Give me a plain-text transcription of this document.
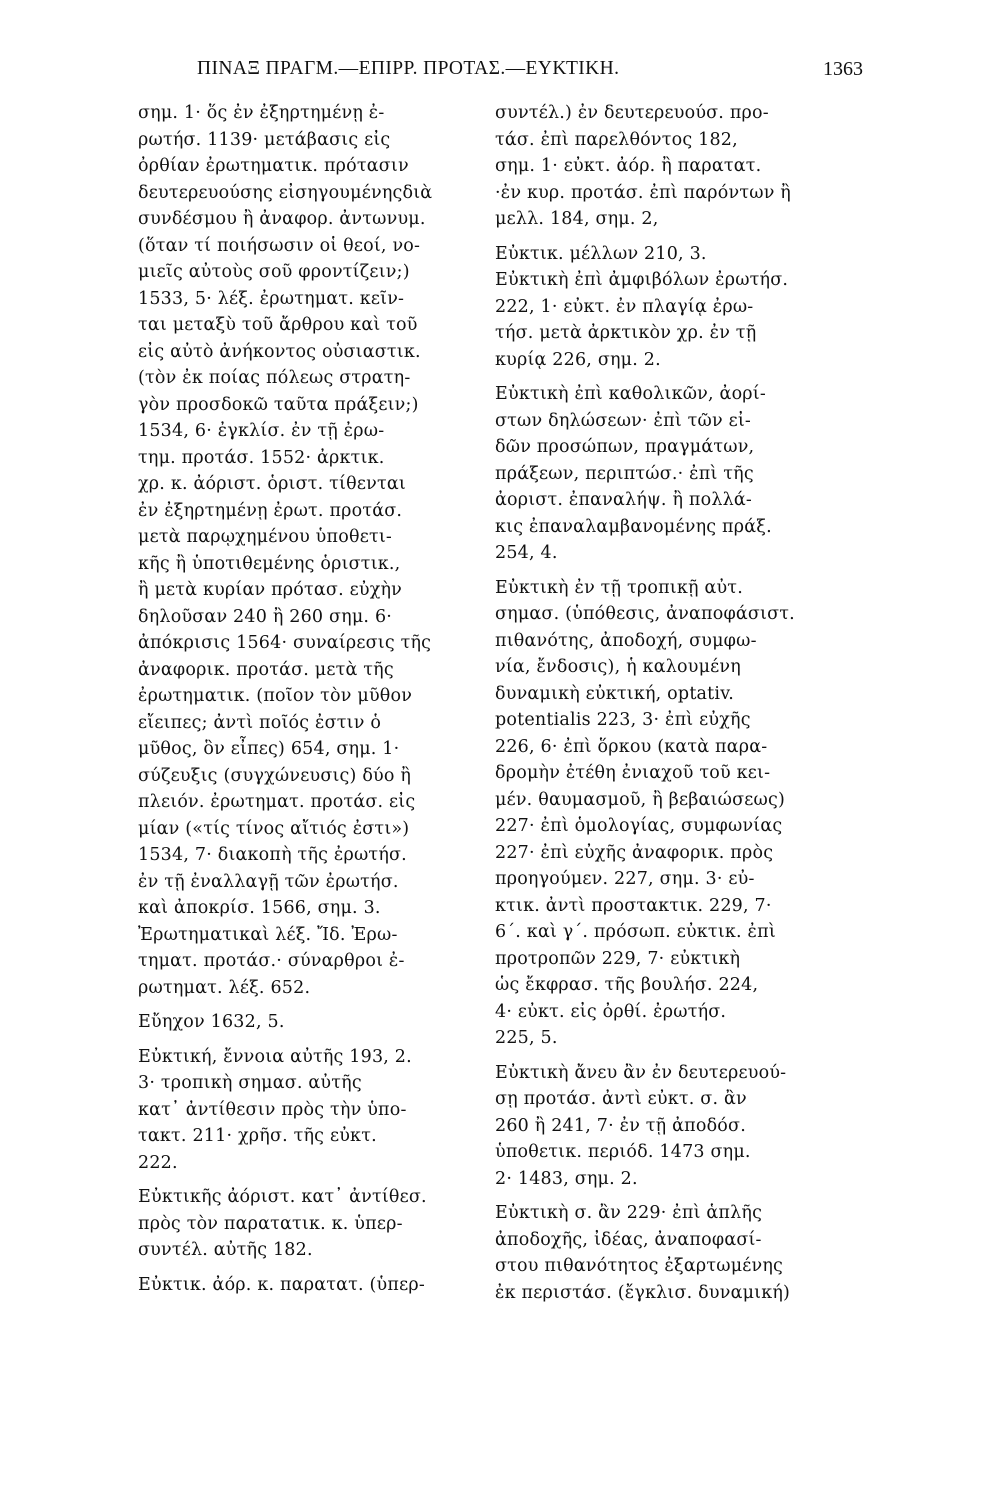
ΠΙΝΑΞ ΠΡΑΓΜ.—ΕΠΙΡΡ. ΠΡΟΤΑΣ.—ΕΥΚΤΙΚΗ.	1363
σημ. 1· ὅς ἐν ἐξηρτημένῃ ἐ-
ρωτήσ. 1139· μετάβασις εἰς
ὀρθίαν ἐρωτηματικ. πρότασιν
δευτερευούσης εἰσηγουμένηςδιὰ
συνδέσμου ἢ ἀναφορ. ἀντωνυμ.
(ὅταν τί ποιήσωσιν οἱ θεοί, νο-
μιεῖς αὐτοὺς σοῦ φροντίζειν;)
1533, 5· λέξ. ἐρωτηματ. κεῖν-
ται μεταξὺ τοῦ ἄρθρου καὶ τοῦ
εἰς αὐτὸ ἀνήκοντος οὐσιαστικ.
(τὸν ἐκ ποίας πόλεως στρατη-
γὸν προσδοκῶ ταῦτα πράξειν;)
1534, 6· ἐγκλίσ. ἐν τῇ ἐρω-
τημ. προτάσ. 1552· ἀρκτικ.
χρ. κ. ἀόριστ. ὁριστ. τίθενται
ἐν ἐξηρτημένῃ ἐρωτ. προτάσ.
μετὰ παρῳχημένου ὑποθετι-
κῆς ἢ ὑποτιθεμένης ὁριστικ.,
ἢ μετὰ κυρίαν πρότασ. εὐχὴν
δηλοῦσαν 240 ἢ 260 σημ. 6·
ἀπόκρισις 1564· συναίρεσις τῆς
ἀναφορικ. προτάσ. μετὰ τῆς
ἐρωτηματικ. (ποῖον τὸν μῦθον
εἴειπες; ἀντὶ ποῖός ἐστιν ὁ
μῦθος, ὃν εἶπες) 654, σημ. 1·
σύζευξις (συγχώνευσις) δύο ἢ
πλειόν. ἐρωτηματ. προτάσ. εἰς
μίαν («τίς τίνος αἴτιός ἐστι»)
1534, 7· διακοπὴ τῆς ἐρωτήσ.
ἐν τῇ ἐναλλαγῇ τῶν ἐρωτήσ.
καὶ ἀποκρίσ. 1566, σημ. 3.
Ἐρωτηματικαὶ λέξ. Ἴδ. Ἐρω-
τηματ. προτάσ.· σύναρθροι ἐ-
ρωτηματ. λέξ. 652.
Εὔηχον 1632, 5.
Εὐκτική, ἔννοια αὐτῆς 193, 2.
3· τροπικὴ σημασ. αὐτῆς
κατ᾽ ἀντίθεσιν πρὸς τὴν ὑπο-
τακτ. 211· χρῆσ. τῆς εὐκτ.
222.
Εὐκτικῆς ἀόριστ. κατ᾽ ἀντίθεσ.
πρὸς τὸν παρατατικ. κ. ὑπερ-
συντέλ. αὐτῆς 182.
Εὐκτικ. ἀόρ. κ. παρατατ. (ὑπερ-
συντέλ.) ἐν δευτερευούσ. προ-
τάσ. ἐπὶ παρελθόντος 182,
σημ. 1· εὐκτ. ἀόρ. ἢ παρατατ.
·ἐν κυρ. προτάσ. ἐπὶ παρόντων ἢ
μελλ. 184, σημ. 2,
Εὐκτικ. μέλλων 210, 3.
Εὐκτικὴ ἐπὶ ἀμφιβόλων ἐρωτήσ.
222, 1· εὐκτ. ἐν πλαγίᾳ ἐρω-
τήσ. μετὰ ἀρκτικὸν χρ. ἐν τῇ
κυρίᾳ 226, σημ. 2.
Εὐκτικὴ ἐπὶ καθολικῶν, ἀορί-
στων δηλώσεων· ἐπὶ τῶν εἰ-
δῶν προσώπων, πραγμάτων,
πράξεων, περιπτώσ.· ἐπὶ τῆς
ἀοριστ. ἐπαναλήψ. ἢ πολλά-
κις ἐπαναλαμβανομένης πράξ.
254, 4.
Εὐκτικὴ ἐν τῇ τροπικῇ αὐτ.
σημασ. (ὑπόθεσις, ἀναποφάσιστ.
πιθανότης, ἀποδοχή, συμφω-
νία, ἔνδοσις), ἡ καλουμένη
δυναμικὴ εὐκτική, optativ.
potentialis 223, 3· ἐπὶ εὐχῆς
226, 6· ἐπὶ ὅρκου (κατὰ παρα-
δρομὴν ἐτέθη ἐνιαχοῦ τοῦ κει-
μέν. θαυμασμοῦ, ἢ βεβαιώσεως)
227· ἐπὶ ὁμολογίας, συμφωνίας
227· ἐπὶ εὐχῆς ἀναφορικ. πρὸς
προηγούμεν. 227, σημ. 3· εὐ-
κτικ. ἀντὶ προστακτικ. 229, 7·
6΄. καὶ γ΄. πρόσωπ. εὐκτικ. ἐπὶ
προτροπῶν 229, 7· εὐκτικὴ
ὡς ἔκφρασ. τῆς βουλήσ. 224,
4· εὐκτ. εἰς ὀρθί. ἐρωτήσ.
225, 5.
Εὐκτικὴ ἄνευ ἂν ἐν δευτερευού-
σῃ προτάσ. ἀντὶ εὐκτ. σ. ἂν
260 ἢ 241, 7· ἐν τῇ ἀποδόσ.
ὑποθετικ. περιόδ. 1473 σημ.
2· 1483, σημ. 2.
Εὐκτικὴ σ. ἂν 229· ἐπὶ ἁπλῆς
ἀποδοχῆς, ἰδέας, ἀναποφασί-
στου πιθανότητος ἐξαρτωμένης
ἐκ περιστάσ. (ἔγκλισ. δυναμική)
